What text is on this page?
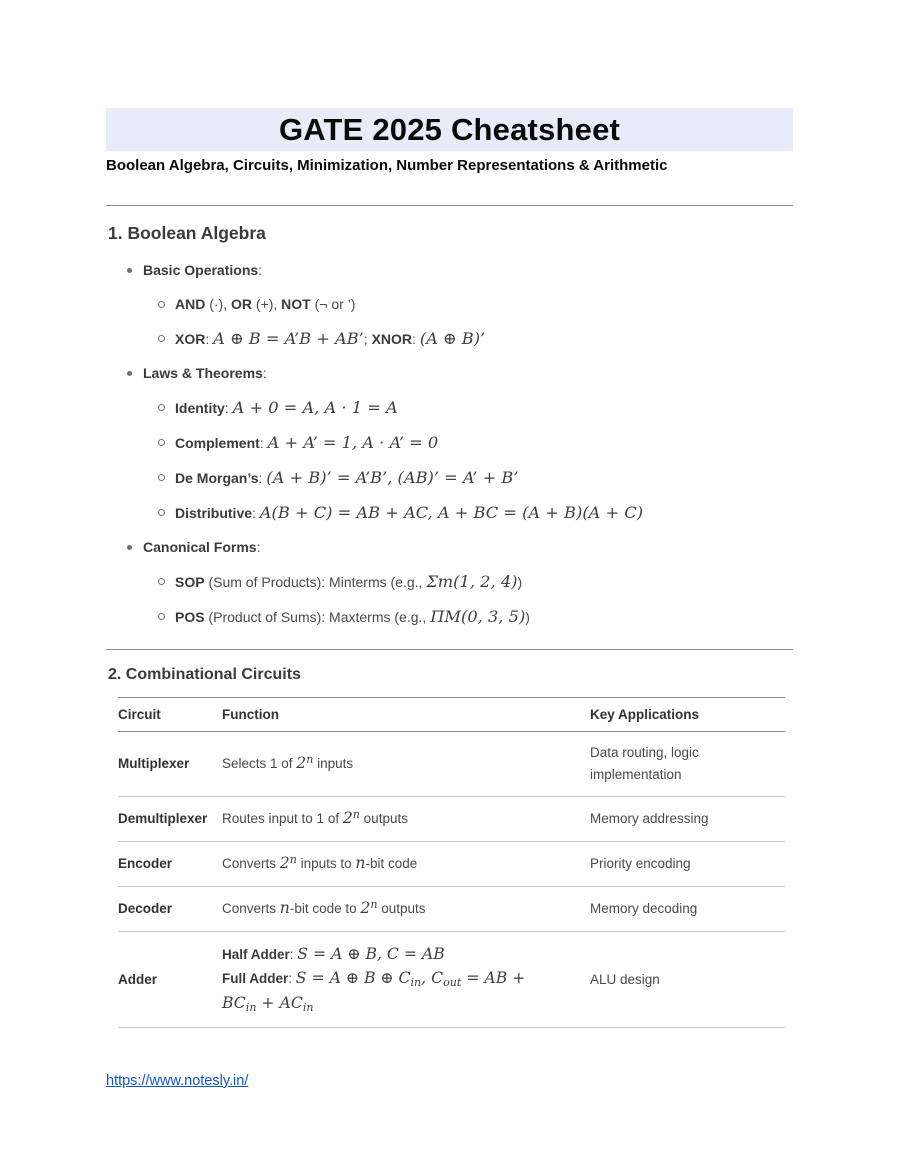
GATE 2025 Cheatsheet
Boolean Algebra, Circuits, Minimization, Number Representations & Arithmetic
1. Boolean Algebra
Basic Operations:
AND (·), OR (+), NOT (¬ or ’)
XOR: A ⊕ B = A’B + AB’; XNOR: (A ⊕ B)’
Laws & Theorems:
Identity: A + 0 = A, A · 1 = A
Complement: A + A’ = 1, A · A’ = 0
De Morgan’s: (A + B)’ = A’B’, (AB)’ = A’ + B’
Distributive: A(B + C) = AB + AC, A + BC = (A + B)(A + C)
Canonical Forms:
SOP (Sum of Products): Minterms (e.g., Σm(1, 2, 4))
POS (Product of Sums): Maxterms (e.g., ΠM(0, 3, 5))
2. Combinational Circuits
Circuit	Function	Key Applications
Multiplexer	Selects 1 of 2$^n$ inputs	Data routing, logic implementation
Demultiple​xer	Routes input to 1 of 2$^n$ outputs	Memory addressing
Encoder	Converts 2$^n$ inputs to n-bit code	Priority encoding
Decoder	Converts n-bit code to 2$^n$ outputs	Memory decoding
Adder	Half Adder: S = A ⊕ B, C = AB
Full Adder: S = A ⊕ B ⊕ $C_{in}$, $C_{out}$ = AB +
$BC_{in} + AC_{in}$	ALU design
https://www.notesly.in/
